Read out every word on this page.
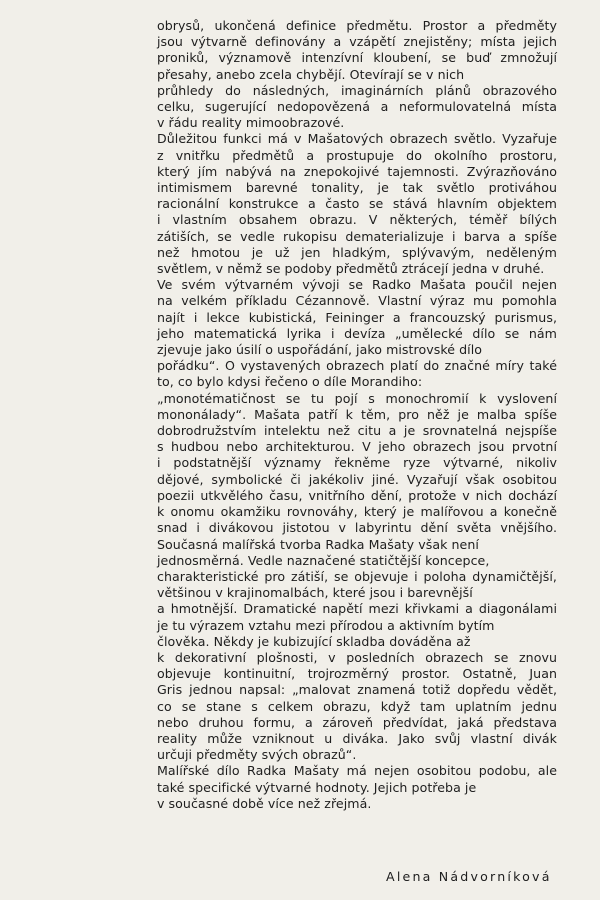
obrysů, ukončená definice předmětu. Prostor a předměty
jsou výtvarně definovány a vzápětí znejistěny; místa jejich
proniků, významově intenzívní kloubení, se buď zmnožují
přesahy, anebo zcela chybějí. Otevírají se v nich
průhledy do následných, imaginárních plánů obrazového
celku, sugerující nedopovězená a neformulovatelná místa
v řádu reality mimoobrazové.
Důležitou funkci má v Mašatových obrazech světlo. Vyzařuje
z vnitřku předmětů a prostupuje do okolního prostoru,
který jím nabývá na znepokojivé tajemnosti. Zvýrazňováno
intimismem barevné tonality, je tak světlo protiváhou
racionální konstrukce a často se stává hlavním objektem
i vlastním obsahem obrazu. V některých, téměř bílých
zátiších, se vedle rukopisu dematerializuje i barva a spíše
než hmotou je už jen hladkým, splývavým, neděleným
světlem, v němž se podoby předmětů ztrácejí jedna v druhé.
Ve svém výtvarném vývoji se Radko Mašata poučil nejen
na velkém příkladu Cézannově. Vlastní výraz mu pomohla
najít i lekce kubistická, Feininger a francouzský purismus,
jeho matematická lyrika i devíza „umělecké dílo se nám
zjevuje jako úsilí o uspořádání, jako mistrovské dílo
pořádku“. O vystavených obrazech platí do značné míry také
to, co bylo kdysi řečeno o díle Morandiho:
„monotématičnost se tu pojí s monochromií k vyslovení
mononálady“. Mašata patří k těm, pro něž je malba spíše
dobrodružstvím intelektu než citu a je srovnatelná nejspíše
s hudbou nebo architekturou. V jeho obrazech jsou prvotní
i podstatnější významy řekněme ryze výtvarné, nikoliv
dějové, symbolické či jakékoliv jiné. Vyzařují však osobitou
poezii utkvělého času, vnitřního dění, protože v nich dochází
k onomu okamžiku rovnováhy, který je malířovou a konečně
snad i divákovou jistotou v labyrintu dění světa vnějšího.
Současná malířská tvorba Radka Mašaty však není
jednosměrná. Vedle naznačené statičtější koncepce,
charakteristické pro zátiší, se objevuje i poloha dynamičtější,
většinou v krajinomalbách, které jsou i barevnější
a hmotnější. Dramatické napětí mezi křivkami a diagonálami
je tu výrazem vztahu mezi přírodou a aktivním bytím
člověka. Někdy je kubizující skladba dováděna až
k dekorativní plošnosti, v posledních obrazech se znovu
objevuje kontinuitní, trojrozměrný prostor. Ostatně, Juan
Gris jednou napsal: „malovat znamená totiž dopředu vědět,
co se stane s celkem obrazu, když tam uplatním jednu
nebo druhou formu, a zároveň předvídat, jaká představa
reality může vzniknout u diváka. Jako svůj vlastní divák
určuji předměty svých obrazů“.
Malířské dílo Radka Mašaty má nejen osobitou podobu, ale
také specifické výtvarné hodnoty. Jejich potřeba je
v současné době více než zřejmá.
Alena Nádvorníková
